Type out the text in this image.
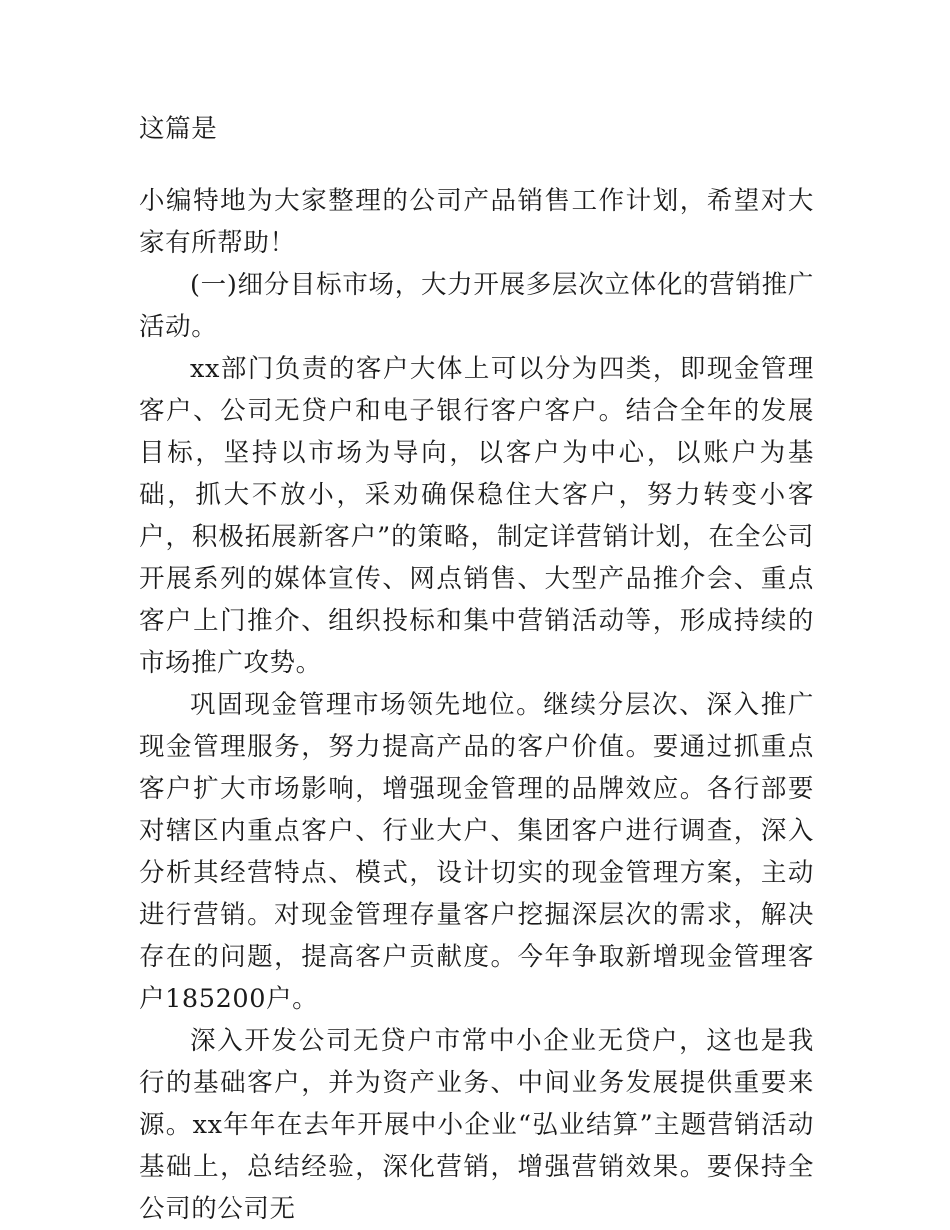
这篇是

小编特地为大家整理的公司产品销售工作计划，希望对大家有所帮助！

(一)细分目标市场，大力开展多层次立体化的营销推广活动。

xx部门负责的客户大体上可以分为四类，即现金管理客户、公司无贷户和电子银行客户客户。结合全年的发展目标，坚持以市场为导向，以客户为中心，以账户为基础，抓大不放小，采劝确保稳住大客户，努力转变小客户，积极拓展新客户”的策略，制定详营销计划，在全公司开展系列的媒体宣传、网点销售、大型产品推介会、重点客户上门推介、组织投标和集中营销活动等，形成持续的市场推广攻势。

巩固现金管理市场领先地位。继续分层次、深入推广现金管理服务，努力提高产品的客户价值。要通过抓重点客户扩大市场影响，增强现金管理的品牌效应。各行部要对辖区内重点客户、行业大户、集团客户进行调查，深入分析其经营特点、模式，设计切实的现金管理方案，主动进行营销。对现金管理存量客户挖掘深层次的需求，解决存在的问题，提高客户贡献度。今年争取新增现金管理客户185200户。

深入开发公司无贷户市常中小企业无贷户，这也是我行的基础客户，并为资产业务、中间业务发展提供重要来源。xx年年在去年开展中小企业“弘业结算”主题营销活动基础上，总结经验，深化营销，增强营销效果。要保持全公司的公司无
